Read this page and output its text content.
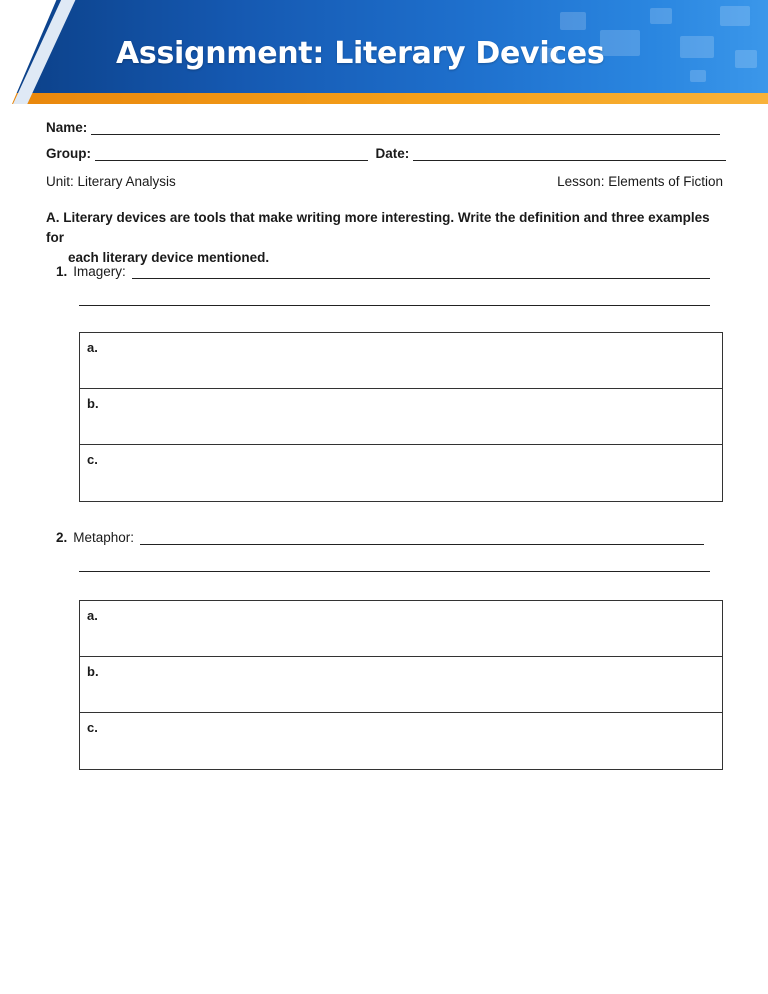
Assignment: Literary Devices
Name:
Group:	Date:
Unit: Literary Analysis	Lesson: Elements of Fiction
A. Literary devices are tools that make writing more interesting. Write the definition and three examples for
each literary device mentioned.
1. Imagery:
a.
b.
c.
2. Metaphor:
a.
b.
c.
